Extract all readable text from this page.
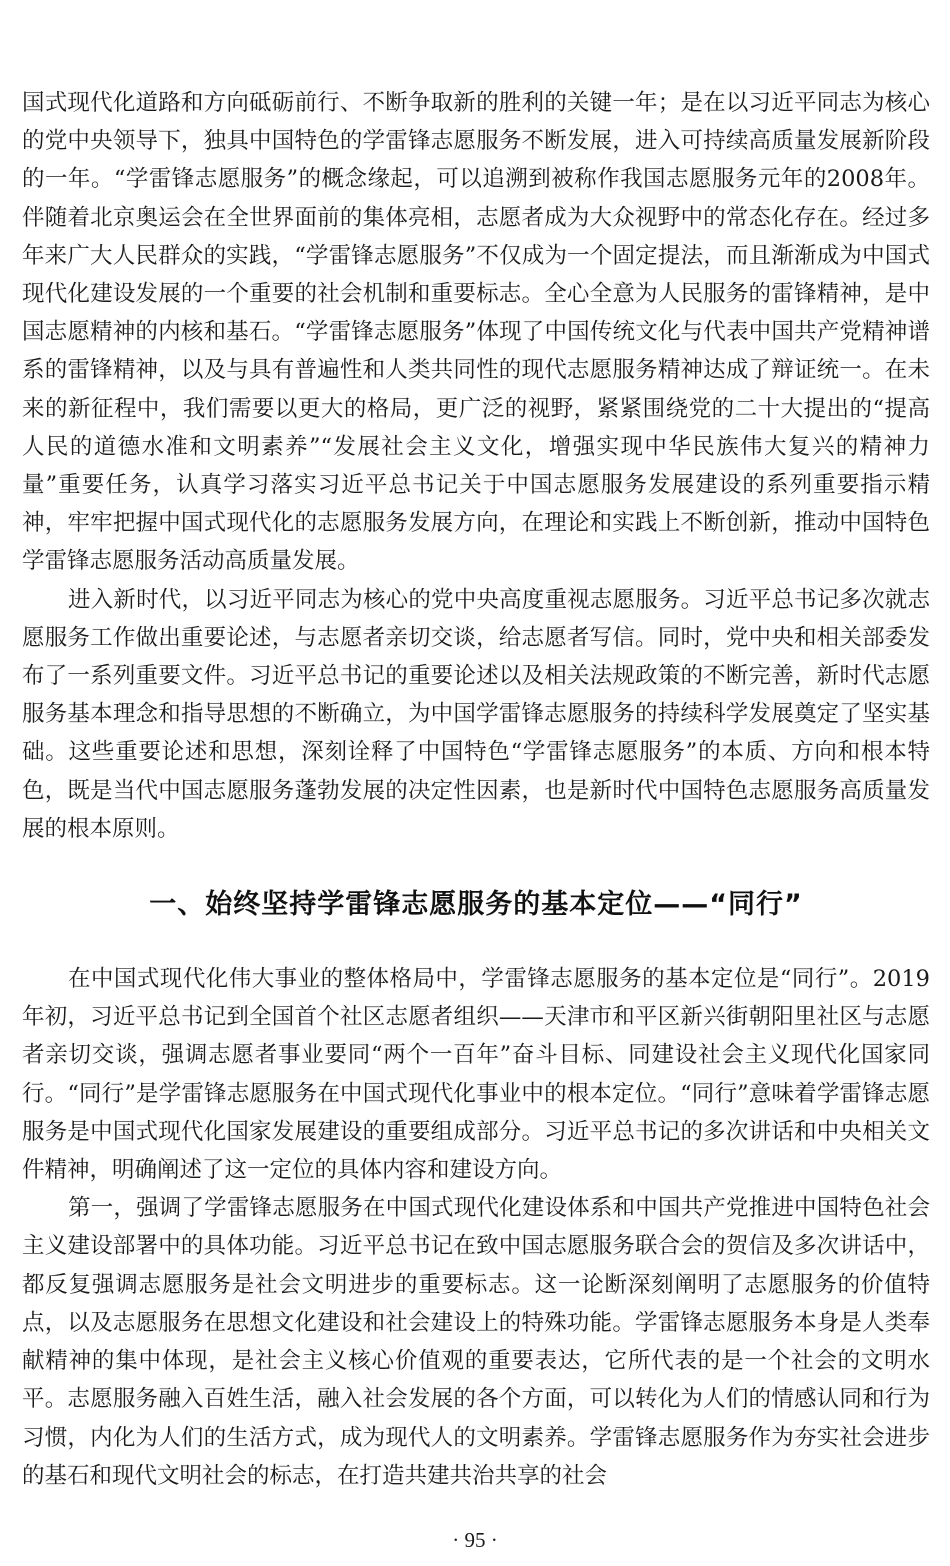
国式现代化道路和方向砥砺前行、不断争取新的胜利的关键一年；是在以习近平同志为核心的党中央领导下，独具中国特色的学雷锋志愿服务不断发展，进入可持续高质量发展新阶段的一年。“学雷锋志愿服务”的概念缘起，可以追溯到被称作我国志愿服务元年的2008年。伴随着北京奥运会在全世界面前的集体亮相，志愿者成为大众视野中的常态化存在。经过多年来广大人民群众的实践，“学雷锋志愿服务”不仅成为一个固定提法，而且渐渐成为中国式现代化建设发展的一个重要的社会机制和重要标志。全心全意为人民服务的雷锋精神，是中国志愿精神的内核和基石。“学雷锋志愿服务”体现了中国传统文化与代表中国共产党精神谱系的雷锋精神，以及与具有普遍性和人类共同性的现代志愿服务精神达成了辩证统一。在未来的新征程中，我们需要以更大的格局，更广泛的视野，紧紧围绕党的二十大提出的“提高人民的道德水准和文明素养”“发展社会主义文化，增强实现中华民族伟大复兴的精神力量”重要任务，认真学习落实习近平总书记关于中国志愿服务发展建设的系列重要指示精神，牢牢把握中国式现代化的志愿服务发展方向，在理论和实践上不断创新，推动中国特色学雷锋志愿服务活动高质量发展。

进入新时代，以习近平同志为核心的党中央高度重视志愿服务。习近平总书记多次就志愿服务工作做出重要论述，与志愿者亲切交谈，给志愿者写信。同时，党中央和相关部委发布了一系列重要文件。习近平总书记的重要论述以及相关法规政策的不断完善，新时代志愿服务基本理念和指导思想的不断确立，为中国学雷锋志愿服务的持续科学发展奠定了坚实基础。这些重要论述和思想，深刻诠释了中国特色“学雷锋志愿服务”的本质、方向和根本特色，既是当代中国志愿服务蓬勃发展的决定性因素，也是新时代中国特色志愿服务高质量发展的根本原则。

一、始终坚持学雷锋志愿服务的基本定位——“同行”

在中国式现代化伟大事业的整体格局中，学雷锋志愿服务的基本定位是“同行”。2019年初，习近平总书记到全国首个社区志愿者组织——天津市和平区新兴街朝阳里社区与志愿者亲切交谈，强调志愿者事业要同“两个一百年”奋斗目标、同建设社会主义现代化国家同行。“同行”是学雷锋志愿服务在中国式现代化事业中的根本定位。“同行”意味着学雷锋志愿服务是中国式现代化国家发展建设的重要组成部分。习近平总书记的多次讲话和中央相关文件精神，明确阐述了这一定位的具体内容和建设方向。

第一，强调了学雷锋志愿服务在中国式现代化建设体系和中国共产党推进中国特色社会主义建设部署中的具体功能。习近平总书记在致中国志愿服务联合会的贺信及多次讲话中，都反复强调志愿服务是社会文明进步的重要标志。这一论断深刻阐明了志愿服务的价值特点，以及志愿服务在思想文化建设和社会建设上的特殊功能。学雷锋志愿服务本身是人类奉献精神的集中体现，是社会主义核心价值观的重要表达，它所代表的是一个社会的文明水平。志愿服务融入百姓生活，融入社会发展的各个方面，可以转化为人们的情感认同和行为习惯，内化为人们的生活方式，成为现代人的文明素养。学雷锋志愿服务作为夯实社会进步的基石和现代文明社会的标志，在打造共建共治共享的社会

· 95 ·
